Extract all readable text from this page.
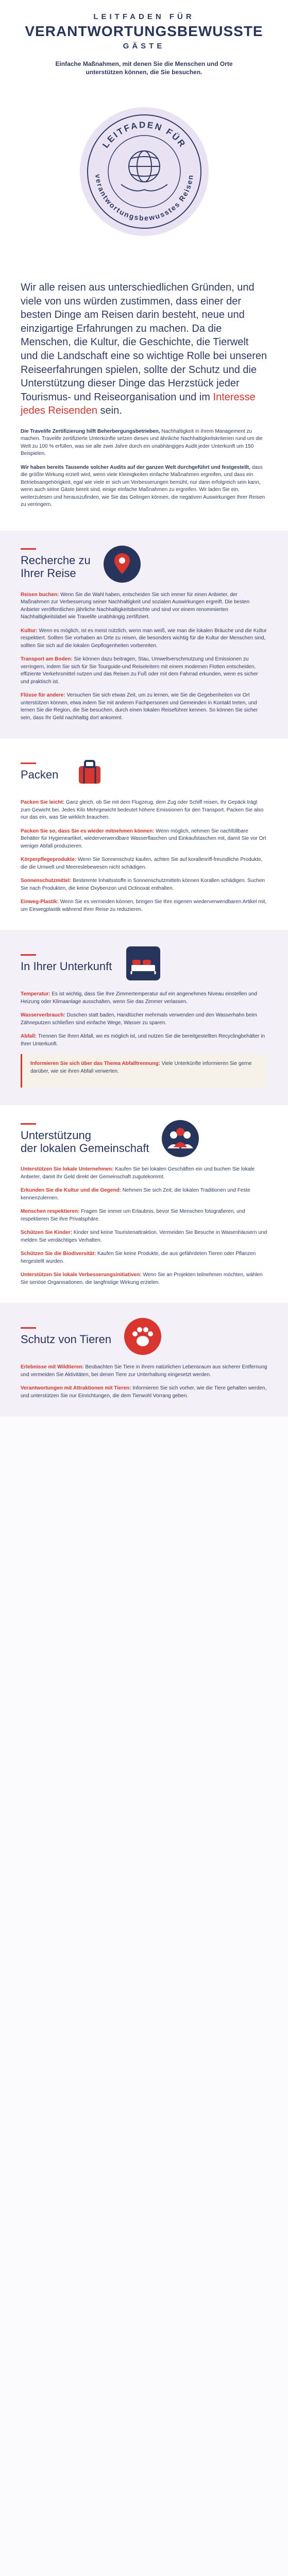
LEITFADEN FÜR
VERANTWORTUNGSBEWUSSTE
GÄSTE
Einfache Maßnahmen, mit denen Sie die Menschen und Orte unterstützen können, die Sie besuchen.
LEITFADEN FÜR
verantwortungsbewusstes Reisen

Wir alle reisen aus unterschiedlichen Gründen, und viele von uns würden zustimmen, dass einer der besten Dinge am Reisen darin besteht, neue und einzigartige Erfahrungen zu machen. Da die Menschen, die Kultur, die Geschichte, die Tierwelt und die Landschaft eine so wichtige Rolle bei unseren Reiseerfahrungen spielen, sollte der Schutz und die Unterstützung dieser Dinge das Herzstück jeder Tourismus- und Reiseorganisation und im Interesse jedes Reisenden sein.

Die Travelife Zertifizierung hilft Beherbergungsbetrieben, Nachhaltigkeit in ihrem Management zu machen. Travelife zertifizierte Unterkünfte setzen dieses und ähnliche Nachhaltigkeitskriterien rund um die Welt zu 100 % erfüllen, was sie alle zwei Jahre durch ein unabhängiges Audit jeder Unterkunft um 150 Beispielen.

Wir haben bereits Tausende solcher Audits auf der ganzen Welt durchgeführt und festgestellt, dass die größte Wirkung erzielt wird, wenn viele Kleinigkeiten einfache Maßnahmen ergreifen, und dass ein Betriebsangehörigkeit, egal wie viele er sich um Verbesserungen bemüht, nur dann erfolgreich sein kann, wenn auch seine Gäste bereit sind, einige einfache Maßnahmen zu ergreifen. Wir laden Sie ein, weiterzulesen und herauszufinden, wie Sie das Gelingen können, die negativen Auswirkungen Ihrer Reisen zu verringern.

Recherche zu
Ihrer Reise

Reisen buchen: Wenn Sie die Wahl haben, entscheiden Sie sich immer für einen Anbieter, der Maßnahmen zur Verbesserung seiner Nachhaltigkeit und sozialen Auswirkungen ergreift. Die besten Anbieter veröffentlichen jährliche Nachhaltigkeitsberichte und sind vor einem renommierten Nachhaltigkeitslabel wie Travelife unabhängig zertifiziert.

Kultur: Wenn es möglich, ist es meist nützlich, wenn man weiß, wie man die lokalen Bräuche und die Kultur respektiert. Sollten Sie vorhaben an Orte zu reisen, die besonders wichtig für die Kultur der Menschen sind, sollten Sie sich auf die lokalen Gepflogenheiten vorbereiten.

Transport am Boden: Sie können dazu beitragen, Stau, Umweltverschmutzung und Emissionen zu verringern, indem Sie sich für Sie Tourguide-und Reiseleitern mit einem modernen Flotten entscheiden, effiziente Verkehrsmittel nutzen und das Reisen zu Fuß oder mit dem Fahrrad erkunden, wenn es sicher und praktisch ist.

Flüsse für andere: Versuchen Sie sich etwas Zeit, um zu lernen, wie Sie die Gegebenheiten vor Ort unterstützen können, etwa indem Sie mit anderen Fachpersonen und Gemeinden in Kontakt treten, und lernen Sie die Region, die Sie besuchen, durch einen lokalen Reiseführer kennen. So können Sie sicher sein, dass Ihr Geld nachhaltig dort ankommt.

Packen

Packen Sie leicht: Ganz gleich, ob Sie mit dem Flugzeug, dem Zug oder Schiff reisen, Ihr Gepäck trägt zum Gewicht bei. Jedes Kilo Mehrgewicht bedeutet höhere Emissionen für den Transport. Packen Sie also nur das ein, was Sie wirklich brauchen.

Packen Sie so, dass Sie es wieder mitnehmen können: Wenn möglich, nehmen Sie nachfüllbare Behälter für Hygieneartikel, wiederverwendbare Wasserflaschen und Einkaufstaschen mit, damit Sie vor Ort weniger Abfall produzieren.

Körperpflegeprodukte: Wenn Sie Sonnenschutz kaufen, achten Sie auf korallenriff-freundliche Produkte, die die Umwelt und Meereslebewesen nicht schädigen.

Sonnenschutzmittel: Bestimmte Inhaltsstoffe in Sonnenschutzmitteln können Korallen schädigen. Suchen Sie nach Produkten, die keine Oxybenzon und Octinoxat enthalten.

Einweg-Plastik: Wenn Sie es vermeiden können, bringen Sie Ihre eigenen wiederverwendbaren Artikel mit, um Einwegplastik während Ihrer Reise zu reduzieren.

In Ihrer Unterkunft

Temperatur: Es ist wichtig, dass Sie Ihre Zimmertemperatur auf ein angenehmes Niveau einstellen und Heizung oder Klimaanlage ausschalten, wenn Sie das Zimmer verlassen.

Wasserverbrauch: Duschen statt baden, Handtücher mehrmals verwenden und den Wasserhahn beim Zähneputzen schließen sind einfache Wege, Wasser zu sparen.

Abfall: Trennen Sie Ihren Abfall, wo es möglich ist, und nutzen Sie die bereitgestellten Recyclingbehälter in Ihrer Unterkunft.

Informieren Sie sich über das Thema Abfalltrennung: Viele Unterkünfte informieren Sie gerne darüber, wie sie ihren Abfall verwerten.

Unterstützung
der lokalen Gemeinschaft

Unterstützen Sie lokale Unternehmen: Kaufen Sie bei lokalen Geschäften ein und buchen Sie lokale Anbieter, damit Ihr Geld direkt der Gemeinschaft zugutekommt.

Erkunden Sie die Kultur und die Gegend: Nehmen Sie sich Zeit, die lokalen Traditionen und Feste kennenzulernen.

Menschen respektieren: Fragen Sie immer um Erlaubnis, bevor Sie Menschen fotografieren, und respektieren Sie ihre Privatsphäre.

Schützen Sie Kinder: Kinder sind keine Touristenattraktion. Vermeiden Sie Besuche in Waisenhäusern und melden Sie verdächtiges Verhalten.

Schützen Sie die Biodiversität: Kaufen Sie keine Produkte, die aus gefährdeten Tieren oder Pflanzen hergestellt wurden.

Unterstützen Sie lokale Verbesserungsinitiativen: Wenn Sie an Projekten teilnehmen möchten, wählen Sie seriöse Organisationen, die langfristige Wirkung erzielen.

Schutz von Tieren

Erlebnisse mit Wildtieren: Beobachten Sie Tiere in ihrem natürlichen Lebensraum aus sicherer Entfernung und vermeiden Sie Aktivitäten, bei denen Tiere zur Unterhaltung eingesetzt werden.

Verantwortungen mit Attraktionen mit Tieren: Informieren Sie sich vorher, wie die Tiere gehalten werden, und unterstützen Sie nur Einrichtungen, die dem Tierwohl Vorrang geben.
